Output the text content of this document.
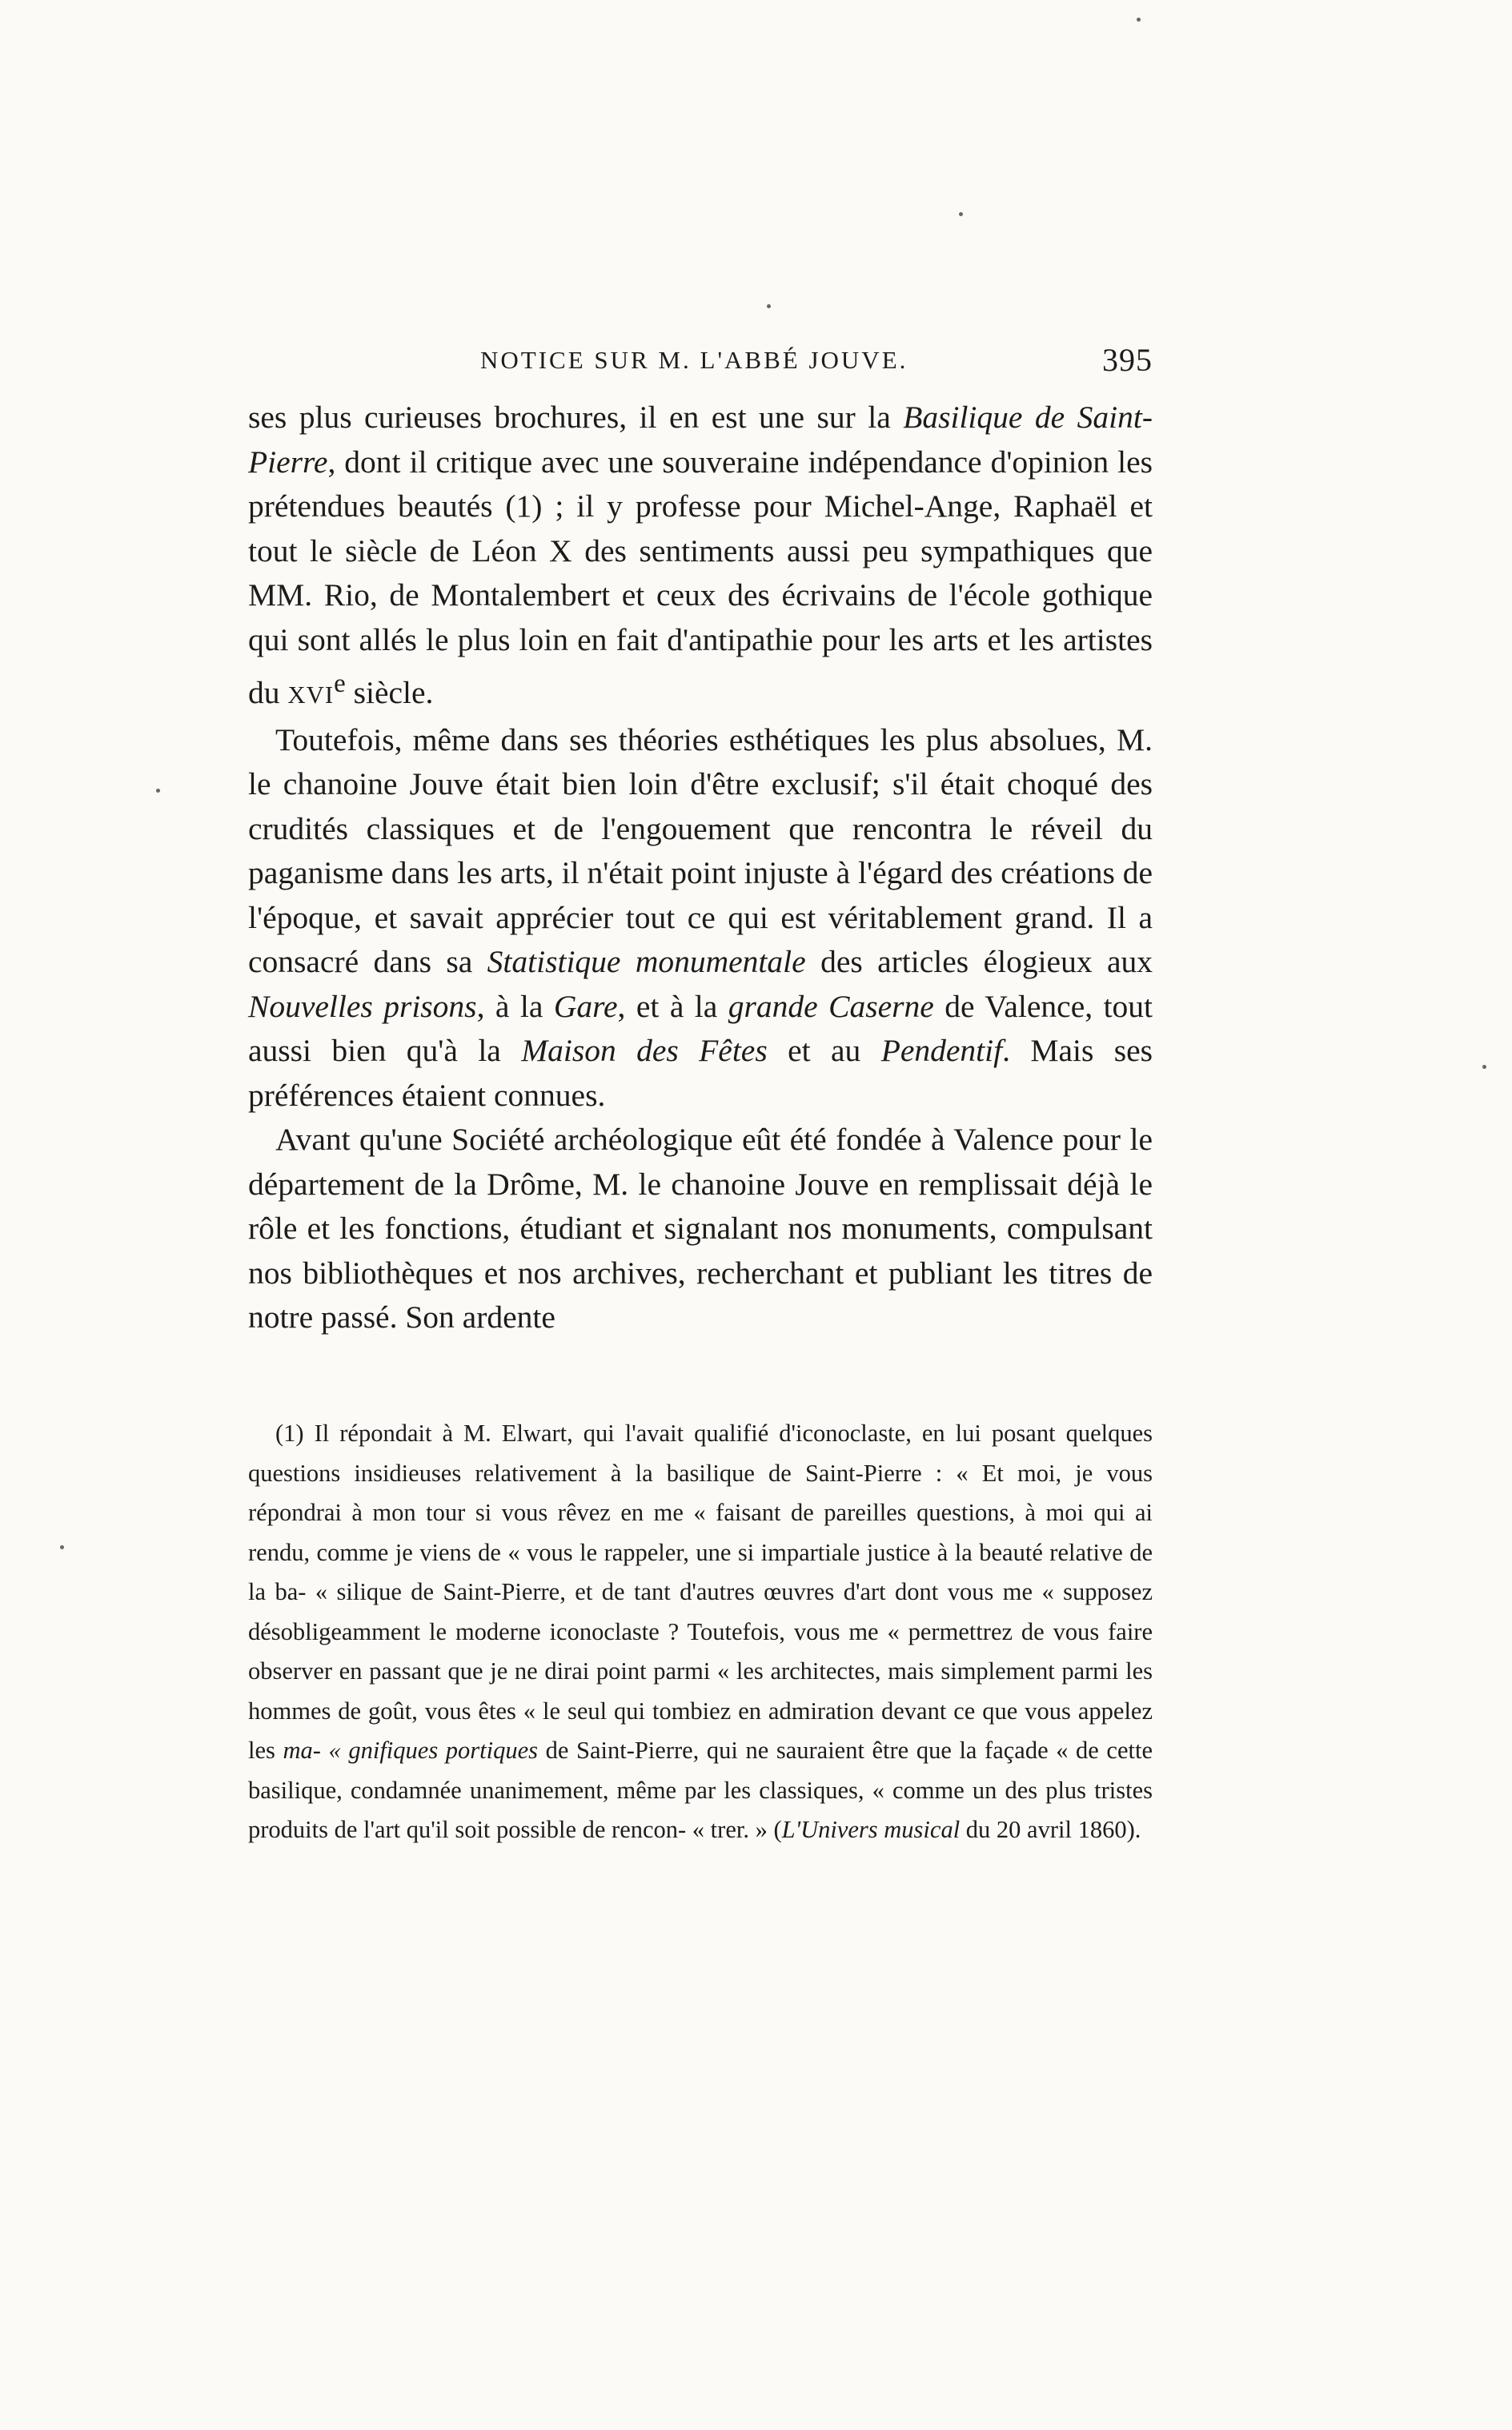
NOTICE SUR M. L'ABBÉ JOUVE.	395

ses plus curieuses brochures, il en est une sur la Basilique de Saint-Pierre, dont il critique avec une souveraine indépendance d'opinion les prétendues beautés (1) ; il y professe pour Michel-Ange, Raphaël et tout le siècle de Léon X des sentiments aussi peu sympathiques que MM. Rio, de Montalembert et ceux des écrivains de l'école gothique qui sont allés le plus loin en fait d'antipathie pour les arts et les artistes du XVIe siècle.

Toutefois, même dans ses théories esthétiques les plus absolues, M. le chanoine Jouve était bien loin d'être exclusif; s'il était choqué des crudités classiques et de l'engouement que rencontra le réveil du paganisme dans les arts, il n'était point injuste à l'égard des créations de l'époque, et savait apprécier tout ce qui est véritablement grand. Il a consacré dans sa Statistique monumentale des articles élogieux aux Nouvelles prisons, à la Gare, et à la grande Caserne de Valence, tout aussi bien qu'à la Maison des Fêtes et au Pendentif. Mais ses préférences étaient connues.

Avant qu'une Société archéologique eût été fondée à Valence pour le département de la Drôme, M. le chanoine Jouve en remplissait déjà le rôle et les fonctions, étudiant et signalant nos monuments, compulsant nos bibliothèques et nos archives, recherchant et publiant les titres de notre passé. Son ardente

(1) Il répondait à M. Elwart, qui l'avait qualifié d'iconoclaste, en lui posant quelques questions insidieuses relativement à la basilique de Saint-Pierre : « Et moi, je vous répondrai à mon tour si vous rêvez en me « faisant de pareilles questions, à moi qui ai rendu, comme je viens de « vous le rappeler, une si impartiale justice à la beauté relative de la ba- « silique de Saint-Pierre, et de tant d'autres œuvres d'art dont vous me « supposez désobligeamment le moderne iconoclaste ? Toutefois, vous me « permettrez de vous faire observer en passant que je ne dirai point parmi « les architectes, mais simplement parmi les hommes de goût, vous êtes « le seul qui tombiez en admiration devant ce que vous appelez les ma- « gnifiques portiques de Saint-Pierre, qui ne sauraient être que la façade « de cette basilique, condamnée unanimement, même par les classiques, « comme un des plus tristes produits de l'art qu'il soit possible de rencon- « trer. » (L'Univers musical du 20 avril 1860).
